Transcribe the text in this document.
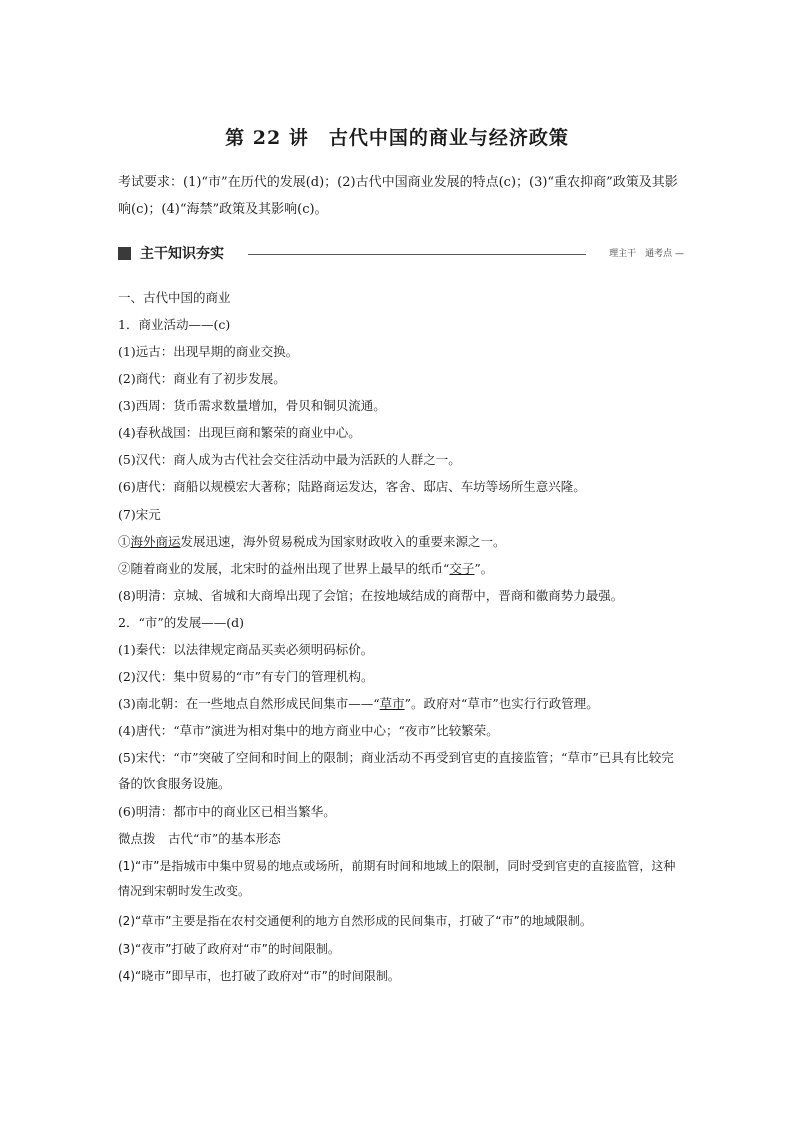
第 22 讲　古代中国的商业与经济政策
考试要求：(1)“市”在历代的发展(d)；(2)古代中国商业发展的特点(c)；(3)“重农抑商”政策及其影响(c)；(4)“海禁”政策及其影响(c)。
主干知识夯实	理主干　通考点 —
一、古代中国的商业
1．商业活动——(c)
(1)远古：出现早期的商业交换。
(2)商代：商业有了初步发展。
(3)西周：货币需求数量增加，骨贝和铜贝流通。
(4)春秋战国：出现巨商和繁荣的商业中心。
(5)汉代：商人成为古代社会交往活动中最为活跃的人群之一。
(6)唐代：商船以规模宏大著称；陆路商运发达，客舍、邸店、车坊等场所生意兴隆。
(7)宋元
①海外商运发展迅速，海外贸易税成为国家财政收入的重要来源之一。
②随着商业的发展，北宋时的益州出现了世界上最早的纸币“交子”。
(8)明清：京城、省城和大商埠出现了会馆；在按地域结成的商帮中，晋商和徽商势力最强。
2．“市”的发展——(d)
(1)秦代：以法律规定商品买卖必须明码标价。
(2)汉代：集中贸易的“市”有专门的管理机构。
(3)南北朝：在一些地点自然形成民间集市——“草市”。政府对“草市”也实行行政管理。
(4)唐代：“草市”演进为相对集中的地方商业中心；“夜市”比较繁荣。
(5)宋代：“市”突破了空间和时间上的限制；商业活动不再受到官吏的直接监管；“草市”已具有比较完备的饮食服务设施。
(6)明清：都市中的商业区已相当繁华。
微点拨　古代“市”的基本形态
(1)“市”是指城市中集中贸易的地点或场所，前期有时间和地域上的限制，同时受到官吏的直接监管，这种情况到宋朝时发生改变。
(2)“草市”主要是指在农村交通便利的地方自然形成的民间集市，打破了“市”的地域限制。
(3)“夜市”打破了政府对“市”的时间限制。
(4)“晓市”即早市，也打破了政府对“市”的时间限制。
